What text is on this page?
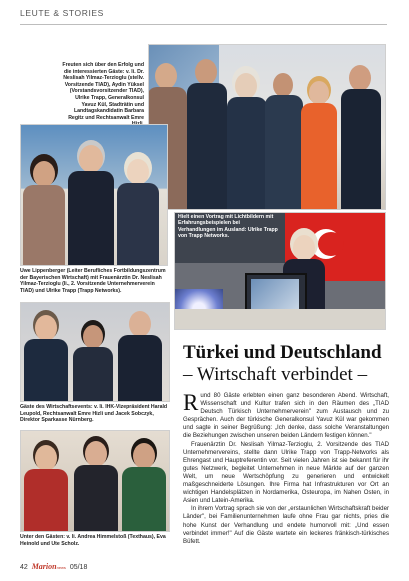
LEUTE & STORIES
Freuten sich über den Erfolg und die interessierten Gäste: v. li. Dr. Neslisah Yilmaz-Terzioglu (stellv. Vorsitzende TIAD), Aydin Yüksel (Vorstandsvorsitzender TIAD), Ulrike Trapp, Generalkonsul Yavuz Kül, Stadträtin und Landtagskandidatin Barbara Regitz und Rechtsanwalt Emre
Hielt einen Vortrag mit Lichtbildern mit Erfahrungsbeispielen bei Verhandlungen im Ausland: Ulrike Trapp von Trapp Networks.
Uwe Lippenberger (Leiter Berufliches Fortbildungszentrum der Bayerischen Wirtschaft) mit Frauenärztin Dr. Neslisah Yilmaz-Terzioglu (li., 2. Vorsitzende Unternehmerverein TIAD) und Ulrike Trapp (Trapp Networks).
Gäste des Wirtschaftsevents: v. li. IHK-Vizepräsident Harald Leupold, Rechtsanwalt Emre Hizli und Jacek Sobczyk, Direktor Sparkasse Nürnberg.
Unter den Gästen: v. li. Andrea Himmelstoß (Texthaus), Eva Heinold und Ute Scholz.
Türkei und Deutschland
– Wirtschaft verbindet –

Rund 80 Gäste erlebten einen ganz besonderen Abend. Wirtschaft, Wissenschaft und Kultur trafen sich in den Räumen des „TIAD Deutsch Türkisch Unternehmerverein" zum Austausch und zu Gesprächen. Auch der türkische Generalkonsul Yavuz Kül war gekommen und sagte in seiner Begrüßung: „Ich denke, dass solche Veranstaltungen die Beziehungen zwischen unseren beiden Ländern festigen können."

Frauenärztin Dr. Neslisah Yilmaz-Terzioglu, 2. Vorsitzende des TIAD Unternehmervereins, stellte dann Ulrike Trapp von Trapp-Networks als Ehrengast und Hauptreferentin vor. Seit vielen Jahren ist sie bekannt für ihr gutes Netzwerk, begleitet Unternehmen in neue Märkte auf der ganzen Welt, um neue Wertschöpfung zu generieren und entwickelt maßgeschneiderte Lösungen. Ihre Firma hat Infrastrukturen vor Ort an wichtigen Handelsplätzen in Nordamerika, Osteuropa, im Nahen Osten, in Asien und Latein-Amerika.

In ihrem Vortrag sprach sie von der „erstaunlichen Wirtschaftskraft beider Länder", bei Familienunternehmen laufe ohne Frau gar nichts, pries die hohe Kunst der Verhandlung und endete humorvoll mit: „Und essen verbindet immer!" Auf die Gäste wartete ein leckeres fränkisch-türkisches Büfett.

42 Marionnews 05/18
